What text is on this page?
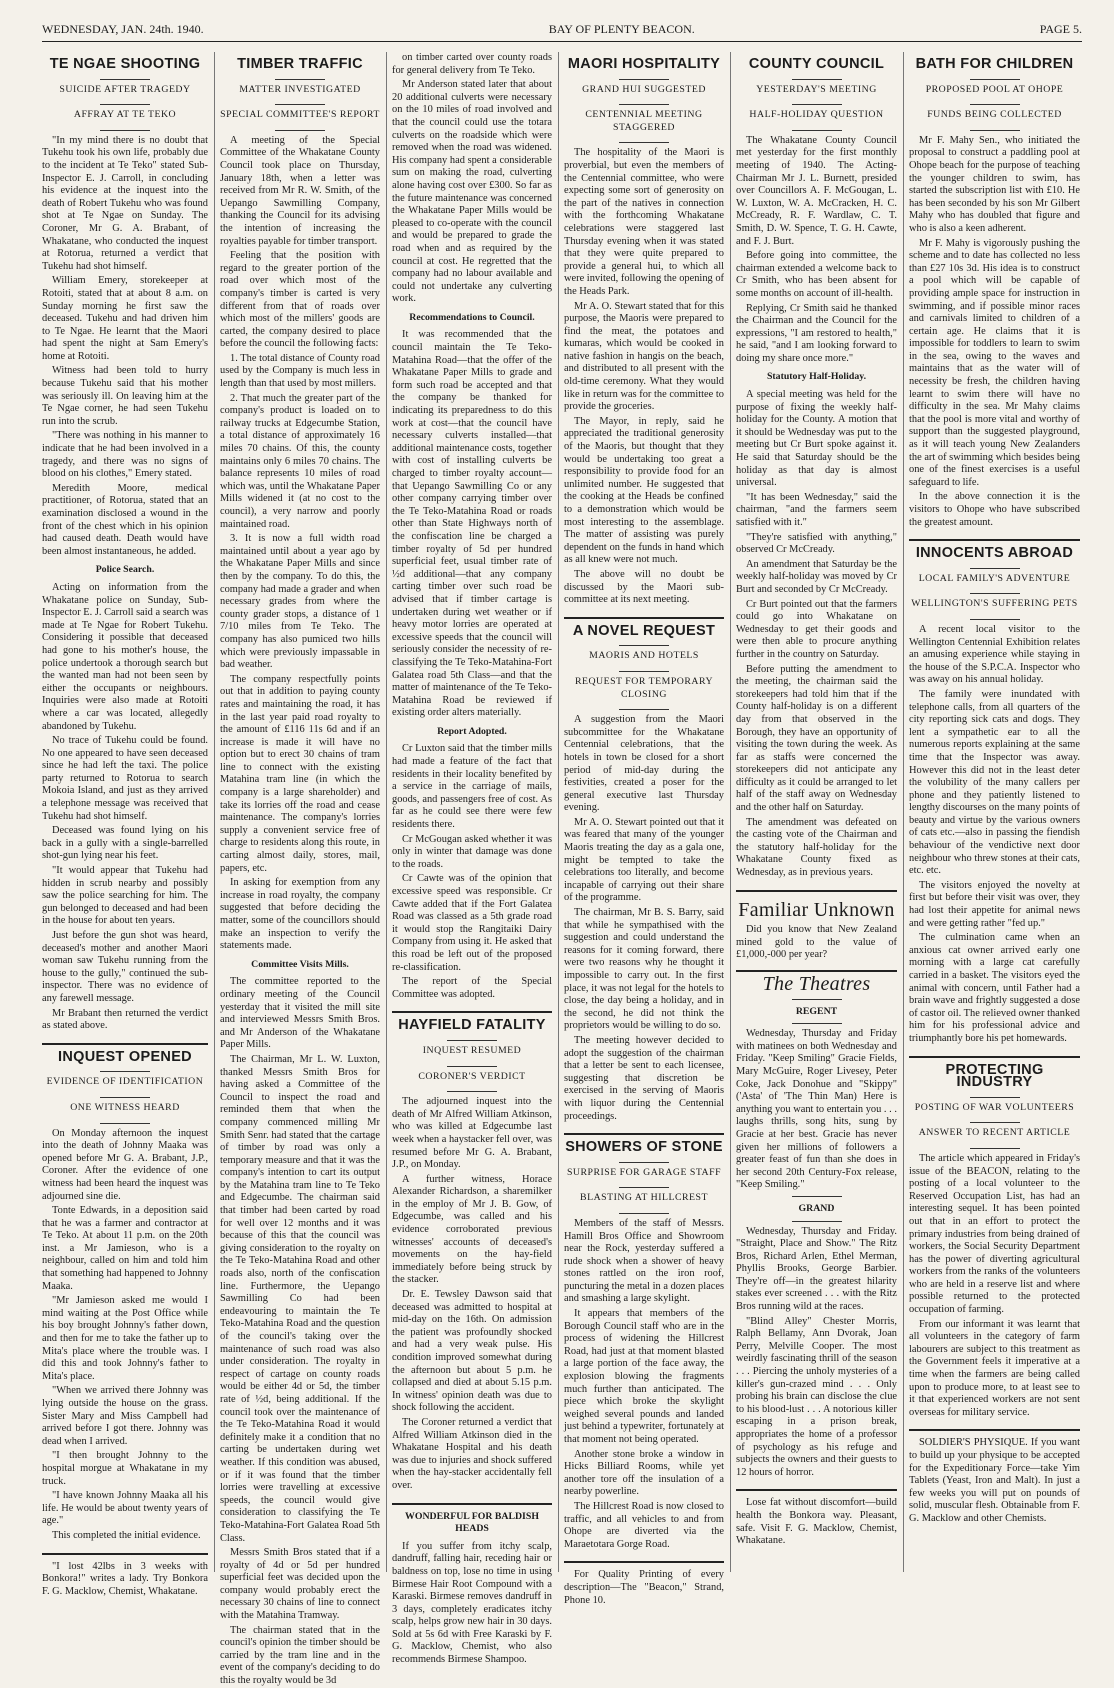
WEDNESDAY, JAN. 24th. 1940.	BAY OF PLENTY BEACON.	PAGE 5.
TE NGAE SHOOTING
SUICIDE AFTER TRAGEDY
AFFRAY AT TE TEKO

"In my mind there is no doubt that Tukehu took his own life, probably due to the incident at Te Teko" stated Sub-Inspector E. J. Carroll, in concluding his evidence at the inquest into the death of Robert Tukehu who was found shot at Te Ngae on Sunday. The Coroner, Mr G. A. Brabant, of Whakatane, who conducted the inquest at Rotorua, returned a verdict that Tukehu had shot himself.

William Emery, storekeeper at Rotoiti, stated that at about 8 a.m. on Sunday morning he first saw the deceased. Tukehu and had driven him to Te Ngae. He learnt that the Maori had spent the night at Sam Emery's home at Rotoiti.

Witness had been told to hurry because Tukehu said that his mother was seriously ill. On leaving him at the Te Ngae corner, he had seen Tukehu run into the scrub.

"There was nothing in his manner to indicate that he had been involved in a tragedy, and there was no signs of blood on his clothes," Emery stated.

Meredith Moore, medical practitioner, of Rotorua, stated that an examination disclosed a wound in the front of the chest which in his opinion had caused death. Death would have been almost instantaneous, he added.

Police Search.

Acting on information from the Whakatane police on Sunday, Sub-Inspector E. J. Carroll said a search was made at Te Ngae for Robert Tukehu. Considering it possible that deceased had gone to his mother's house, the police undertook a thorough search but the wanted man had not been seen by either the occupants or neighbours. Inquiries were also made at Rotoiti where a car was located, allegedly abandoned by Tukehu.

No trace of Tukehu could be found. No one appeared to have seen deceased since he had left the taxi. The police party returned to Rotorua to search Mokoia Island, and just as they arrived a telephone message was received that Tukehu had shot himself.

Deceased was found lying on his back in a gully with a single-barrelled shot-gun lying near his feet.

"It would appear that Tukehu had hidden in scrub nearby and possibly saw the police searching for him. The gun belonged to deceased and had been in the house for about ten years.

Just before the gun shot was heard, deceased's mother and another Maori woman saw Tukehu running from the house to the gully," continued the sub-inspector. There was no evidence of any farewell message.

Mr Brabant then returned the verdict as stated above.

INQUEST OPENED
EVIDENCE OF IDENTIFICATION
ONE WITNESS HEARD

On Monday afternoon the inquest into the death of Johnny Maaka was opened before Mr G. A. Brabant, J.P., Coroner. After the evidence of one witness had been heard the inquest was adjourned sine die.

Tonte Edwards, in a deposition said that he was a farmer and contractor at Te Teko. At about 11 p.m. on the 20th inst. a Mr Jamieson, who is a neighbour, called on him and told him that something had happened to Johnny Maaka.

"Mr Jamieson asked me would I mind waiting at the Post Office while his boy brought Johnny's father down, and then for me to take the father up to Mita's place where the trouble was. I did this and took Johnny's father to Mita's place.

"When we arrived there Johnny was lying outside the house on the grass. Sister Mary and Miss Campbell had arrived before I got there. Johnny was dead when I arrived.

"I then brought Johnny to the hospital morgue at Whakatane in my truck.

"I have known Johnny Maaka all his life. He would be about twenty years of age."

This completed the initial evidence.

"I lost 42lbs in 3 weeks with Bonkora!" writes a lady. Try Bonkora F. G. Macklow, Chemist, Whakatane.

TIMBER TRAFFIC
MATTER INVESTIGATED
SPECIAL COMMITTEE'S REPORT

A meeting of the Special Committee of the Whakatane County Council took place on Thursday, January 18th, when a letter was received from Mr R. W. Smith, of the Uepango Sawmilling Company, thanking the Council for its advising the intention of increasing the royalties payable for timber transport.

Feeling that the position with regard to the greater portion of the road over which most of the company's timber is carted is very different from that of roads over which most of the millers' goods are carted, the company desired to place before the council the following facts:

1. The total distance of County road used by the Company is much less in length than that used by most millers.

2. That much the greater part of the company's product is loaded on to railway trucks at Edgecumbe Station, a total distance of approximately 16 miles 70 chains. Of this, the county maintains only 6 miles 70 chains. The balance represents 10 miles of road which was, until the Whakatane Paper Mills widened it (at no cost to the council), a very narrow and poorly maintained road.

3. It is now a full width road maintained until about a year ago by the Whakatane Paper Mills and since then by the company. To do this, the company had made a grader and when necessary grades from where the county grader stops, a distance of 1 7/10 miles from Te Teko. The company has also pumiced two hills which were previously impassable in bad weather.

The company respectfully points out that in addition to paying county rates and maintaining the road, it has in the last year paid road royalty to the amount of £116 11s 6d and if an increase is made it will have no option but to erect 30 chains of tram line to connect with the existing Matahina tram line (in which the company is a large shareholder) and take its lorries off the road and cease maintenance. The company's lorries supply a convenient service free of charge to residents along this route, in carting almost daily, stores, mail, papers, etc.

In asking for exemption from any increase in road royalty, the company suggested that before deciding the matter, some of the councillors should make an inspection to verify the statements made.

Committee Visits Mills.

The committee reported to the ordinary meeting of the Council yesterday that it visited the mill site and interviewed Messrs Smith Bros. and Mr Anderson of the Whakatane Paper Mills.

The Chairman, Mr L. W. Luxton, thanked Messrs Smith Bros for having asked a Committee of the Council to inspect the road and reminded them that when the company commenced milling Mr Smith Senr. had stated that the cartage of timber by road was only a temporary measure and that it was the company's intention to cart its output by the Matahina tram line to Te Teko and Edgecumbe. The chairman said that timber had been carted by road for well over 12 months and it was because of this that the council was giving consideration to the royalty on the Te Teko-Matahina Road and other roads also, north of the confiscation line. Furthermore, the Uepango Sawmilling Co had been endeavouring to maintain the Te Teko-Matahina Road and the question of the council's taking over the maintenance of such road was also under consideration. The royalty in respect of cartage on county roads would be either 4d or 5d, the timber rate of ½d, being additional. If the council took over the maintenance of the Te Teko-Matahina Road it would definitely make it a condition that no carting be undertaken during wet weather. If this condition was abused, or if it was found that the timber lorries were travelling at excessive speeds, the council would give consideration to classifying the Te Teko-Matahina-Fort Galatea Road 5th Class.

Messrs Smith Bros stated that if a royalty of 4d or 5d per hundred superficial feet was decided upon the company would probably erect the necessary 30 chains of line to connect with the Matahina Tramway.

The chairman stated that in the council's opinion the timber should be carried by the tram line and in the event of the company's deciding to do this the royalty would be 3d

on timber carted over county roads for general delivery from Te Teko.

Mr Anderson stated later that about 20 additional culverts were necessary on the 10 miles of road involved and that the council could use the totara culverts on the roadside which were removed when the road was widened. His company had spent a considerable sum on making the road, culverting alone having cost over £300. So far as the future maintenance was concerned the Whakatane Paper Mills would be pleased to co-operate with the council and would be prepared to grade the road when and as required by the council at cost. He regretted that the company had no labour available and could not undertake any culverting work.

Recommendations to Council.

It was recommended that the council maintain the Te Teko-Matahina Road—that the offer of the Whakatane Paper Mills to grade and form such road be accepted and that the company be thanked for indicating its preparedness to do this work at cost—that the council have necessary culverts installed—that additional maintenance costs, together with cost of installing culverts be charged to timber royalty account—that Uepango Sawmilling Co or any other company carrying timber over the Te Teko-Matahina Road or roads other than State Highways north of the confiscation line be charged a timber royalty of 5d per hundred superficial feet, usual timber rate of ½d additional—that any company carting timber over such road be advised that if timber cartage is undertaken during wet weather or if heavy motor lorries are operated at excessive speeds that the council will seriously consider the necessity of re-classifying the Te Teko-Matahina-Fort Galatea road 5th Class—and that the matter of maintenance of the Te Teko-Matahina Road be reviewed if existing order alters materially.

Report Adopted.

Cr Luxton said that the timber mills had made a feature of the fact that residents in their locality benefited by a service in the carriage of mails, goods, and passengers free of cost. As far as he could see there were few residents there.

Cr McGougan asked whether it was only in winter that damage was done to the roads.

Cr Cawte was of the opinion that excessive speed was responsible. Cr Cawte added that if the Fort Galatea Road was classed as a 5th grade road it would stop the Rangitaiki Dairy Company from using it. He asked that this road be left out of the proposed re-classification.

The report of the Special Committee was adopted.

HAYFIELD FATALITY
INQUEST RESUMED
CORONER'S VERDICT

The adjourned inquest into the death of Mr Alfred William Atkinson, who was killed at Edgecumbe last week when a haystacker fell over, was resumed before Mr G. A. Brabant, J.P., on Monday.

A further witness, Horace Alexander Richardson, a sharemilker in the employ of Mr J. B. Gow, of Edgecumbe, was called and his evidence corroborated previous witnesses' accounts of deceased's movements on the hay-field immediately before being struck by the stacker.

Dr. E. Tewsley Dawson said that deceased was admitted to hospital at mid-day on the 16th. On admission the patient was profoundly shocked and had a very weak pulse. His condition improved somewhat during the afternoon but about 5 p.m. he collapsed and died at about 5.15 p.m. In witness' opinion death was due to shock following the accident.

The Coroner returned a verdict that Alfred William Atkinson died in the Whakatane Hospital and his death was due to injuries and shock suffered when the hay-stacker accidentally fell over.

WONDERFUL FOR BALDISH HEADS

If you suffer from itchy scalp, dandruff, falling hair, receding hair or baldness on top, lose no time in using Birmese Hair Root Compound with a Karaski. Birmese removes dandruff in 3 days, completely eradicates itchy scalp, helps grow new hair in 30 days. Sold at 5s 6d with Free Karaski by F. G. Macklow, Chemist, who also recommends Birmese Shampoo.

MAORI HOSPITALITY
GRAND HUI SUGGESTED
CENTENNIAL MEETING STAGGERED

The hospitality of the Maori is proverbial, but even the members of the Centennial committee, who were expecting some sort of generosity on the part of the natives in connection with the forthcoming Whakatane celebrations were staggered last Thursday evening when it was stated that they were quite prepared to provide a general hui, to which all were invited, following the opening of the Heads Park.

Mr A. O. Stewart stated that for this purpose, the Maoris were prepared to find the meat, the potatoes and kumaras, which would be cooked in native fashion in hangis on the beach, and distributed to all present with the old-time ceremony. What they would like in return was for the committee to provide the groceries.

The Mayor, in reply, said he appreciated the traditional generosity of the Maoris, but thought that they would be undertaking too great a responsibility to provide food for an unlimited number. He suggested that the cooking at the Heads be confined to a demonstration which would be most interesting to the assemblage. The matter of assisting was purely dependent on the funds in hand which as all knew were not much.

The above will no doubt be discussed by the Maori sub-committee at its next meeting.

A NOVEL REQUEST
MAORIS AND HOTELS
REQUEST FOR TEMPORARY CLOSING

A suggestion from the Maori subcommittee for the Whakatane Centennial celebrations, that the hotels in town be closed for a short period of mid-day during the festivities, created a poser for the general executive last Thursday evening.

Mr A. O. Stewart pointed out that it was feared that many of the younger Maoris treating the day as a gala one, might be tempted to take the celebrations too literally, and become incapable of carrying out their share of the programme.

The chairman, Mr B. S. Barry, said that while he sympathised with the suggestion and could understand the reasons for it coming forward, there were two reasons why he thought it impossible to carry out. In the first place, it was not legal for the hotels to close, the day being a holiday, and in the second, he did not think the proprietors would be willing to do so.

The meeting however decided to adopt the suggestion of the chairman that a letter be sent to each licensee, suggesting that discretion be exercised in the serving of Maoris with liquor during the Centennial proceedings.

SHOWERS OF STONE
SURPRISE FOR GARAGE STAFF
BLASTING AT HILLCREST

Members of the staff of Messrs. Hamill Bros Office and Showroom near the Rock, yesterday suffered a rude shock when a shower of heavy stones rattled on the iron roof, puncturing the metal in a dozen places and smashing a large skylight.

It appears that members of the Borough Council staff who are in the process of widening the Hillcrest Road, had just at that moment blasted a large portion of the face away, the explosion blowing the fragments much further than anticipated. The piece which broke the skylight weighed several pounds and landed just behind a typewriter, fortunately at that moment not being operated.

Another stone broke a window in Hicks Billiard Rooms, while yet another tore off the insulation of a nearby powerline.

The Hillcrest Road is now closed to traffic, and all vehicles to and from Ohope are diverted via the Maraetotara Gorge Road.

For Quality Printing of every description—The "Beacon," Strand, Phone 10.

COUNTY COUNCIL
YESTERDAY'S MEETING
HALF-HOLIDAY QUESTION

The Whakatane County Council met yesterday for the first monthly meeting of 1940. The Acting-Chairman Mr J. L. Burnett, presided over Councillors A. F. McGougan, L. W. Luxton, W. A. McCracken, H. C. McCready, R. F. Wardlaw, C. T. Smith, D. W. Spence, T. G. H. Cawte, and F. J. Burt.

Before going into committee, the chairman extended a welcome back to Cr Smith, who has been absent for some months on account of ill-health.

Replying, Cr Smith said he thanked the Chairman and the Council for the expressions, "I am restored to health," he said, "and I am looking forward to doing my share once more."

Statutory Half-Holiday.

A special meeting was held for the purpose of fixing the weekly half-holiday for the County. A motion that it should be Wednesday was put to the meeting but Cr Burt spoke against it. He said that Saturday should be the holiday as that day is almost universal.

"It has been Wednesday," said the chairman, "and the farmers seem satisfied with it."

"They're satisfied with anything," observed Cr McCready.

An amendment that Saturday be the weekly half-holiday was moved by Cr Burt and seconded by Cr McCready.

Cr Burt pointed out that the farmers could go into Whakatane on Wednesday to get their goods and were then able to procure anything further in the country on Saturday.

Before putting the amendment to the meeting, the chairman said the storekeepers had told him that if the County half-holiday is on a different day from that observed in the Borough, they have an opportunity of visiting the town during the week. As far as staffs were concerned the storekeepers did not anticipate any difficulty as it could be arranged to let half of the staff away on Wednesday and the other half on Saturday.

The amendment was defeated on the casting vote of the Chairman and the statutory half-holiday for the Whakatane County fixed as Wednesday, as in previous years.

Familiar Unknown

Did you know that New Zealand mined gold to the value of £1,000,-000 per year?

The Theatres
REGENT

Wednesday, Thursday and Friday with matinees on both Wednesday and Friday. "Keep Smiling" Gracie Fields, Mary McGuire, Roger Livesey, Peter Coke, Jack Donohue and "Skippy" ('Asta' of 'The Thin Man) Here is anything you want to entertain you . . . laughs thrills, song hits, sung by Gracie at her best. Gracie has never given her millions of followers a greater feast of fun than she does in her second 20th Century-Fox release, "Keep Smiling."

GRAND

Wednesday, Thursday and Friday. "Straight, Place and Show." The Ritz Bros, Richard Arlen, Ethel Merman, Phyllis Brooks, George Barbier. They're off—in the greatest hilarity stakes ever screened . . . with the Ritz Bros running wild at the races.

"Blind Alley" Chester Morris, Ralph Bellamy, Ann Dvorak, Joan Perry, Melville Cooper. The most weirdly fascinating thrill of the season . . . Piercing the unholy mysteries of a killer's gun-crazed mind . . . Only probing his brain can disclose the clue to his blood-lust . . . A notorious killer escaping in a prison break, appropriates the home of a professor of psychology as his refuge and subjects the owners and their guests to 12 hours of horror.

Lose fat without discomfort—build health the Bonkora way. Pleasant, safe. Visit F. G. Macklow, Chemist, Whakatane.

BATH FOR CHILDREN
PROPOSED POOL AT OHOPE
FUNDS BEING COLLECTED

Mr F. Mahy Sen., who initiated the proposal to construct a paddling pool at Ohope beach for the purpose of teaching the younger children to swim, has started the subscription list with £10. He has been seconded by his son Mr Gilbert Mahy who has doubled that figure and who is also a keen adherent.

Mr F. Mahy is vigorously pushing the scheme and to date has collected no less than £27 10s 3d. His idea is to construct a pool which will be capable of providing ample space for instruction in swimming, and if possible minor races and carnivals limited to children of a certain age. He claims that it is impossible for toddlers to learn to swim in the sea, owing to the waves and maintains that as the water will of necessity be fresh, the children having learnt to swim there will have no difficulty in the sea. Mr Mahy claims that the pool is more vital and worthy of support than the suggested playground, as it will teach young New Zealanders the art of swimming which besides being one of the finest exercises is a useful safeguard to life.

In the above connection it is the visitors to Ohope who have subscribed the greatest amount.

INNOCENTS ABROAD
LOCAL FAMILY'S ADVENTURE
WELLINGTON'S SUFFERING PETS

A recent local visitor to the Wellington Centennial Exhibition relates an amusing experience while staying in the house of the S.P.C.A. Inspector who was away on his annual holiday.

The family were inundated with telephone calls, from all quarters of the city reporting sick cats and dogs. They lent a sympathetic ear to all the numerous reports explaining at the same time that the Inspector was away. However this did not in the least deter the volubility of the many callers per phone and they patiently listened to lengthy discourses on the many points of beauty and virtue by the various owners of cats etc.—also in passing the fiendish behaviour of the vendictive next door neighbour who threw stones at their cats, etc. etc.

The visitors enjoyed the novelty at first but before their visit was over, they had lost their appetite for animal news and were getting rather "fed up."

The culmination came when an anxious cat owner arrived early one morning with a large cat carefully carried in a basket. The visitors eyed the animal with concern, until Father had a brain wave and frightly suggested a dose of castor oil. The relieved owner thanked him for his professional advice and triumphantly bore his pet homewards.

PROTECTING INDUSTRY
POSTING OF WAR VOLUNTEERS
ANSWER TO RECENT ARTICLE

The article which appeared in Friday's issue of the BEACON, relating to the posting of a local volunteer to the Reserved Occupation List, has had an interesting sequel. It has been pointed out that in an effort to protect the primary industries from being drained of workers, the Social Security Department has the power of diverting agricultural workers from the ranks of the volunteers who are held in a reserve list and where possible returned to the protected occupation of farming.

From our informant it was learnt that all volunteers in the category of farm labourers are subject to this treatment as the Government feels it imperative at a time when the farmers are being called upon to produce more, to at least see to it that experienced workers are not sent overseas for military service.

SOLDIER'S PHYSIQUE. If you want to build up your physique to be accepted for the Expeditionary Force—take Yim Tablets (Yeast, Iron and Malt). In just a few weeks you will put on pounds of solid, muscular flesh. Obtainable from F. G. Macklow and other Chemists.
